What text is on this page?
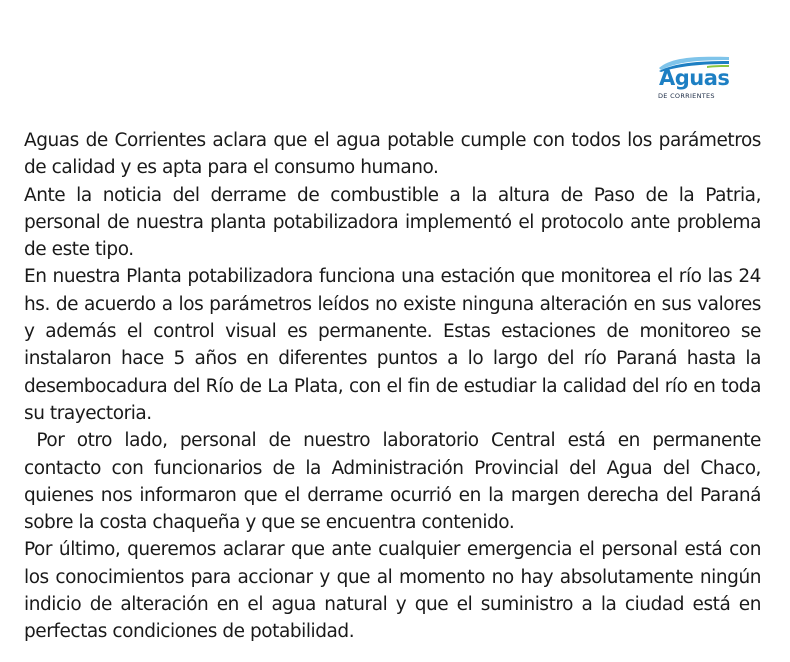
Aguas
DE CORRIENTES

Aguas de Corrientes aclara que el agua potable cumple con todos los parámetros de calidad y es apta para el consumo humano.

Ante la noticia del derrame de combustible a la altura de Paso de la Patria, personal de nuestra planta potabilizadora implementó el protocolo ante problema de este tipo.

En nuestra Planta potabilizadora funciona una estación que monitorea el río las 24 hs. de acuerdo a los parámetros leídos no existe ninguna alteración en sus valores y además el control visual es permanente. Estas estaciones de monitoreo se instalaron hace 5 años en diferentes puntos a lo largo del río Paraná hasta la desembocadura del Río de La Plata, con el fin de estudiar la calidad del río en toda su trayectoria.

Por otro lado, personal de nuestro laboratorio Central está en permanente contacto con funcionarios de la Administración Provincial del Agua del Chaco, quienes nos informaron que el derrame ocurrió en la margen derecha del Paraná sobre la costa chaqueña y que se encuentra contenido.

Por último, queremos aclarar que ante cualquier emergencia el personal está con los conocimientos para accionar y que al momento no hay absolutamente ningún indicio de alteración en el agua natural y que el suministro a la ciudad está en perfectas condiciones de potabilidad.
